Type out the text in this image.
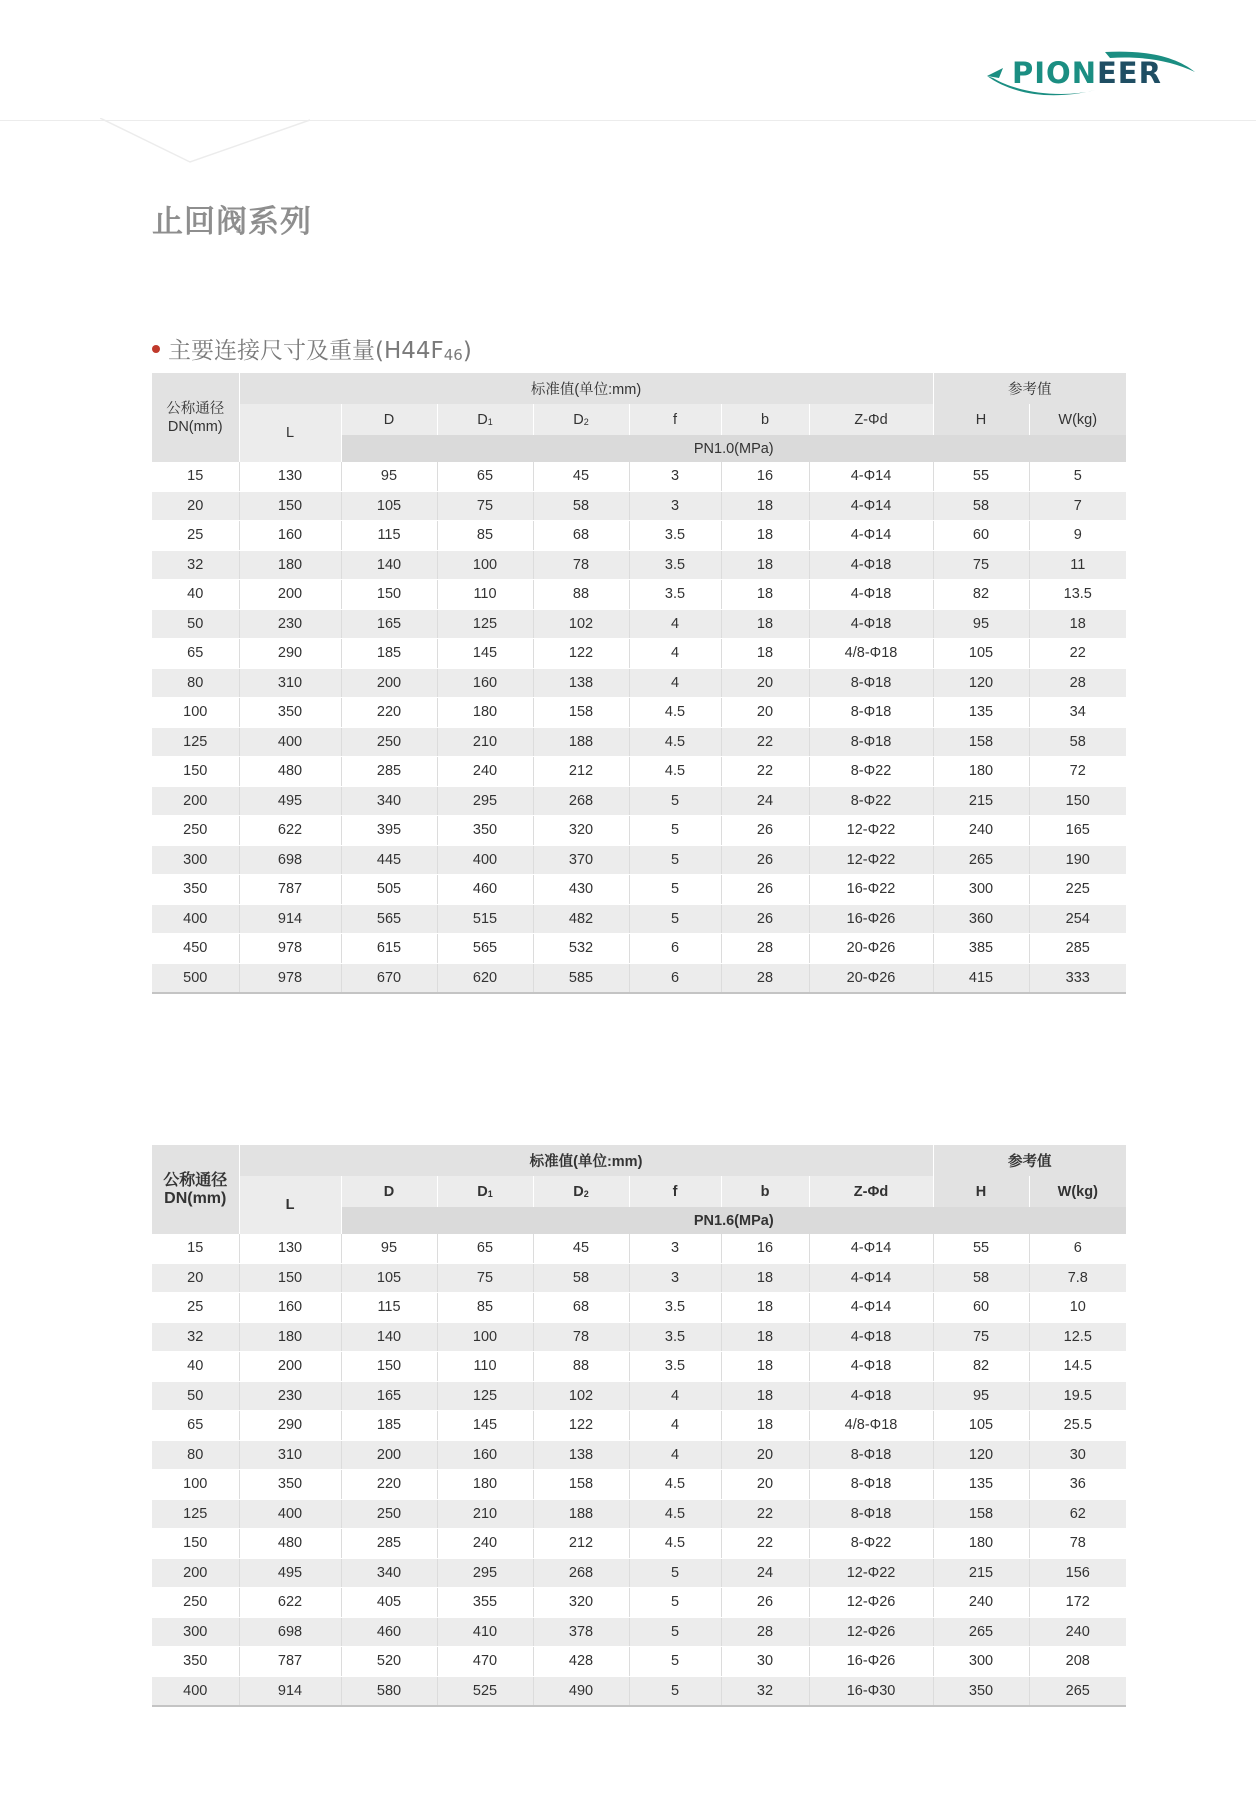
PIONEER
止回阀系列
主要连接尺寸及重量$(H44F_{46})$
公称通径
DN(mm)	标准值(单位:mm)							参考值	
	L	D	$D_1$	$D_2$	f	b	Z-Φd	H	W(kg)
		PN1.0(MPa)							
15	130	95	65	45	3	16	4-Φ14	55	5
20	150	105	75	58	3	18	4-Φ14	58	7
25	160	115	85	68	3.5	18	4-Φ14	60	9
32	180	140	100	78	3.5	18	4-Φ18	75	11
40	200	150	110	88	3.5	18	4-Φ18	82	13.5
50	230	165	125	102	4	18	4-Φ18	95	18
65	290	185	145	122	4	18	4/8-Φ18	105	22
80	310	200	160	138	4	20	8-Φ18	120	28
100	350	220	180	158	4.5	20	8-Φ18	135	34
125	400	250	210	188	4.5	22	8-Φ18	158	58
150	480	285	240	212	4.5	22	8-Φ22	180	72
200	495	340	295	268	5	24	8-Φ22	215	150
250	622	395	350	320	5	26	12-Φ22	240	165
300	698	445	400	370	5	26	12-Φ22	265	190
350	787	505	460	430	5	26	16-Φ22	300	225
400	914	565	515	482	5	26	16-Φ26	360	254
450	978	615	565	532	6	28	20-Φ26	385	285
500	978	670	620	585	6	28	20-Φ26	415	333
公称通径
DN(mm)	标准值(单位:mm)							参考值	
	L	D	$D_1$	$D_2$	f	b	Z-Φd	H	W(kg)
		PN1.6(MPa)							
15	130	95	65	45	3	16	4-Φ14	55	6
20	150	105	75	58	3	18	4-Φ14	58	7.8
25	160	115	85	68	3.5	18	4-Φ14	60	10
32	180	140	100	78	3.5	18	4-Φ18	75	12.5
40	200	150	110	88	3.5	18	4-Φ18	82	14.5
50	230	165	125	102	4	18	4-Φ18	95	19.5
65	290	185	145	122	4	18	4/8-Φ18	105	25.5
80	310	200	160	138	4	20	8-Φ18	120	30
100	350	220	180	158	4.5	20	8-Φ18	135	36
125	400	250	210	188	4.5	22	8-Φ18	158	62
150	480	285	240	212	4.5	22	8-Φ22	180	78
200	495	340	295	268	5	24	12-Φ22	215	156
250	622	405	355	320	5	26	12-Φ26	240	172
300	698	460	410	378	5	28	12-Φ26	265	240
350	787	520	470	428	5	30	16-Φ26	300	208
400	914	580	525	490	5	32	16-Φ30	350	265
